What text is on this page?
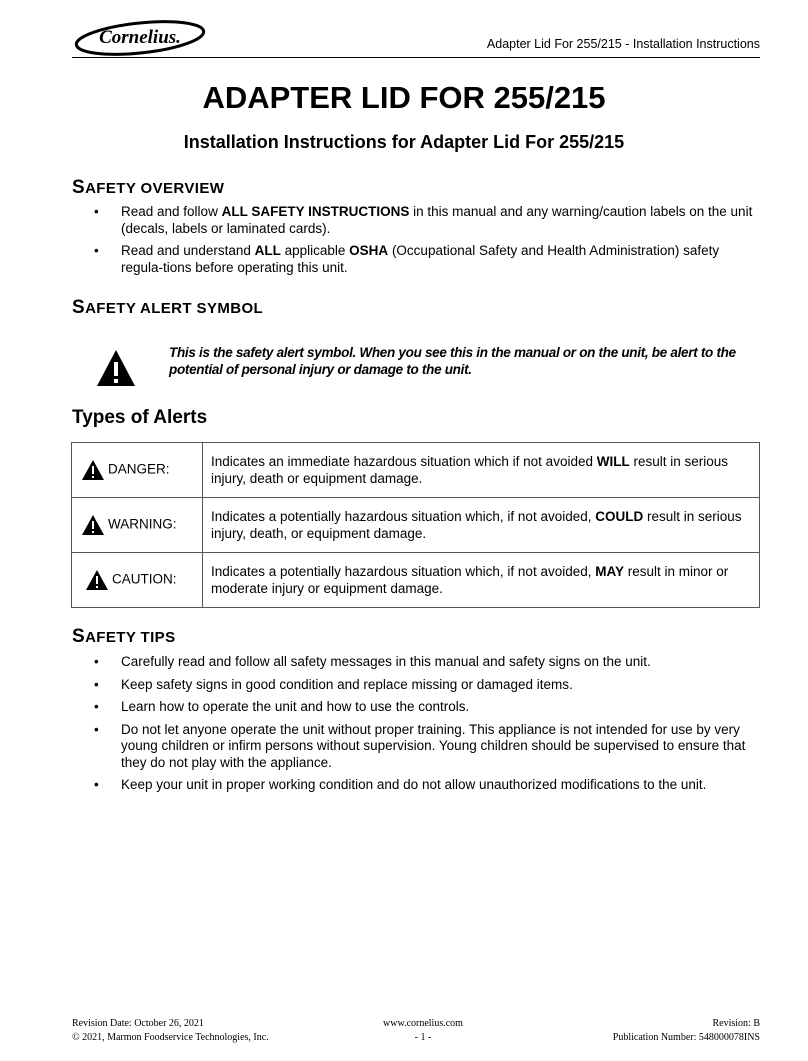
Cornelius.	Adapter Lid For 255/215 - Installation Instructions
ADAPTER LID FOR 255/215
Installation Instructions for Adapter Lid For 255/215
SAFETY OVERVIEW
• Read and follow ALL SAFETY INSTRUCTIONS in this manual and any warning/caution labels on the unit (decals, labels or laminated cards).
• Read and understand ALL applicable OSHA (Occupational Safety and Health Administration) safety regula-tions before operating this unit.
SAFETY ALERT SYMBOL
This is the safety alert symbol. When you see this in the manual or on the unit, be alert to the potential of personal injury or damage to the unit.
Types of Alerts
DANGER:	Indicates an immediate hazardous situation which if not avoided WILL result in serious injury, death or equipment damage.
WARNING:	Indicates a potentially hazardous situation which, if not avoided, COULD result in serious injury, death, or equipment damage.
CAUTION:	Indicates a potentially hazardous situation which, if not avoided, MAY result in minor or moderate injury or equipment damage.
SAFETY TIPS
• Carefully read and follow all safety messages in this manual and safety signs on the unit.
• Keep safety signs in good condition and replace missing or damaged items.
• Learn how to operate the unit and how to use the controls.
• Do not let anyone operate the unit without proper training. This appliance is not intended for use by very young children or infirm persons without supervision. Young children should be supervised to ensure that they do not play with the appliance.
• Keep your unit in proper working condition and do not allow unauthorized modifications to the unit.
Revision Date: October 26, 2021
© 2021, Marmon Foodservice Technologies, Inc.
www.cornelius.com
- 1 -
Revision: B
Publication Number: 548000078INS
